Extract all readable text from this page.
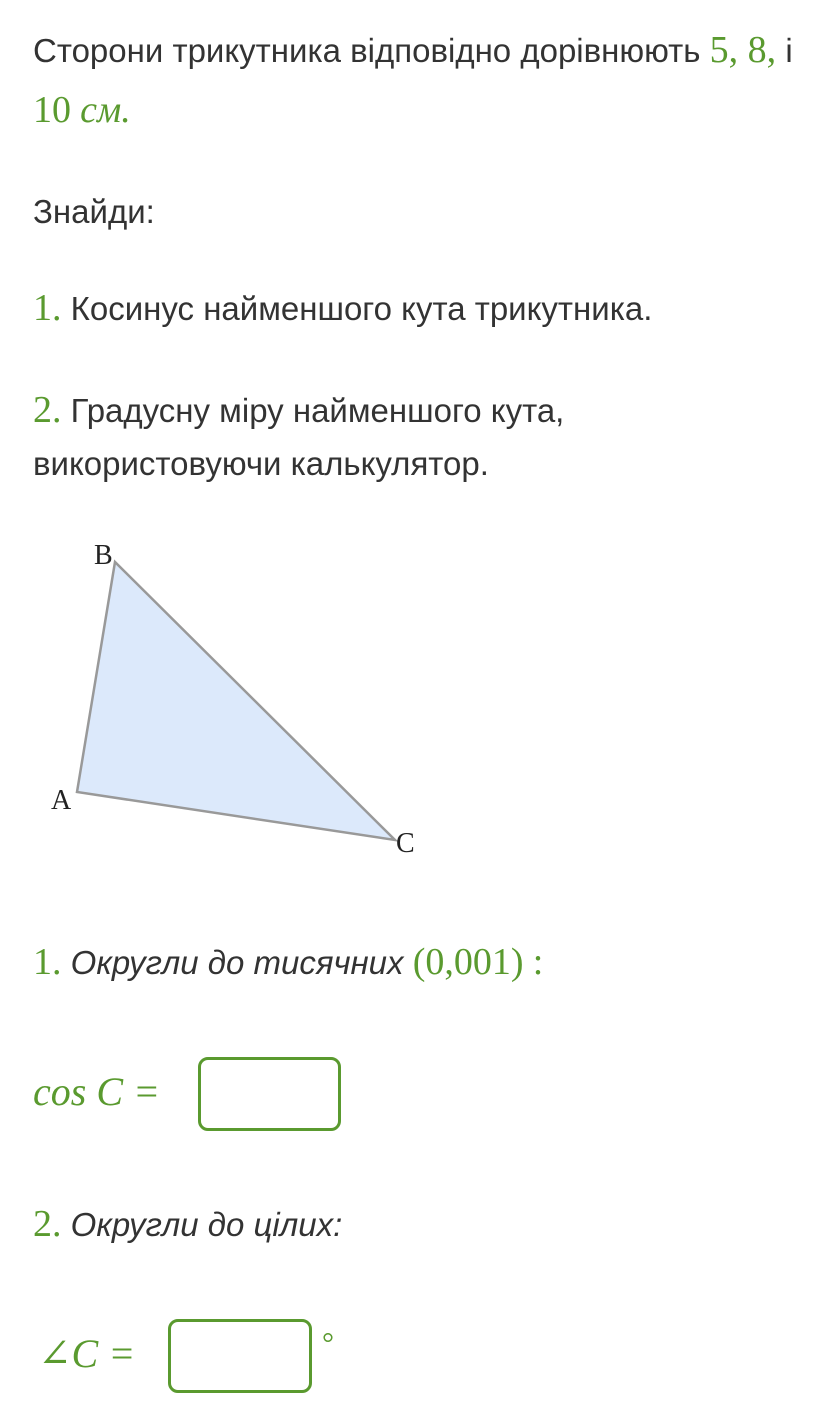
Сторони трикутника відповідно дорівнюють 5, 8, і
10 см.
Знайди:
1. Косинус найменшого кута трикутника.
2. Градусну міру найменшого кута,
використовуючи калькулятор.
B
A
C
1. Округли до тисячних (0,001) :
cos C =
2. Округли до цілих:
∠C =	°
